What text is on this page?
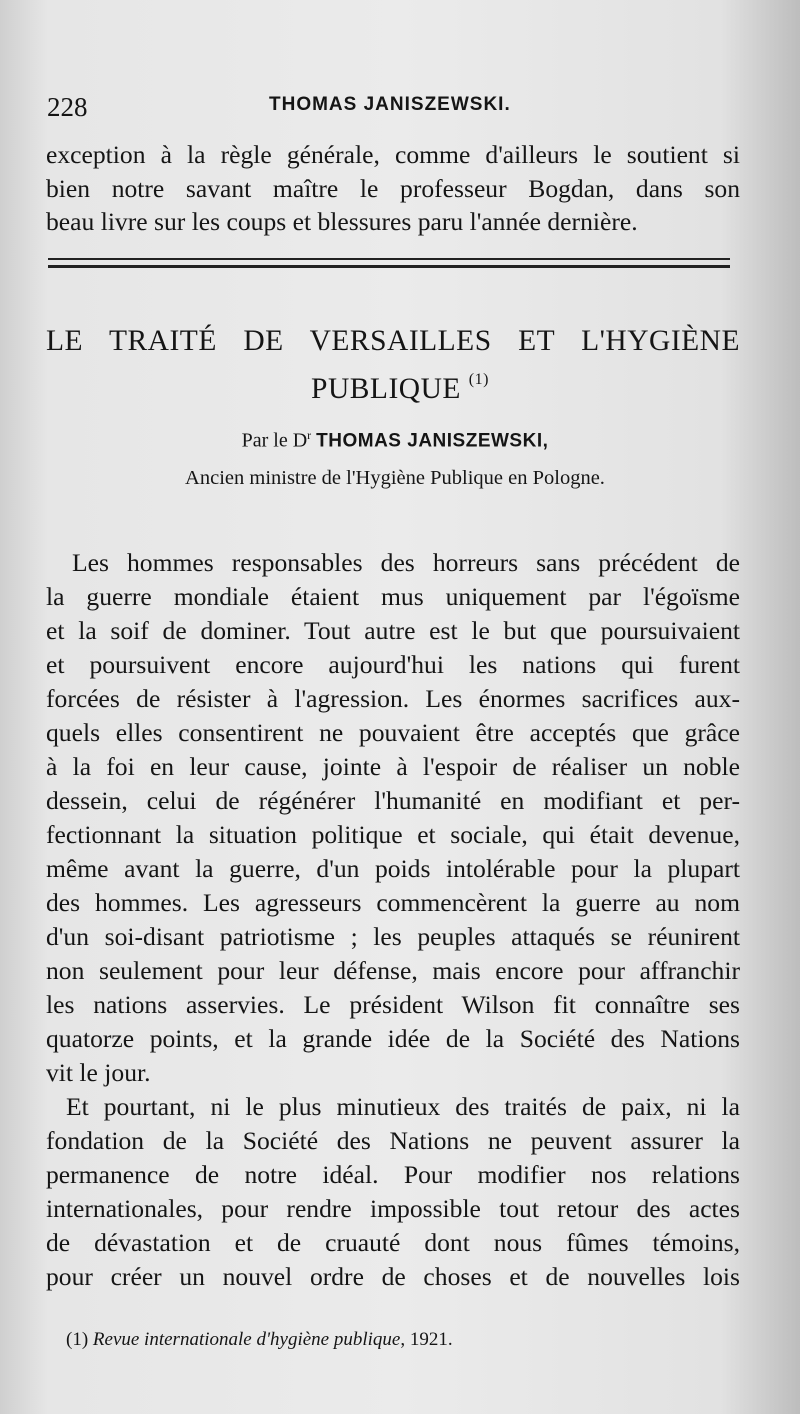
228	THOMAS JANISZEWSKI.
exception à la règle générale, comme d'ailleurs le soutient si
bien notre savant maître le professeur Bogdan, dans son
beau livre sur les coups et blessures paru l'année dernière.
LE TRAITÉ DE VERSAILLES ET L'HYGIÈNE
PUBLIQUE $^{(1)}$
Par le $D^r$ THOMAS JANISZEWSKI,
Ancien ministre de l'Hygiène Publique en Pologne.
Les hommes responsables des horreurs sans précédent de
la guerre mondiale étaient mus uniquement par l'égoïsme
et la soif de dominer. Tout autre est le but que poursuivaient
et poursuivent encore aujourd'hui les nations qui furent
forcées de résister à l'agression. Les énormes sacrifices aux-
quels elles consentirent ne pouvaient être acceptés que grâce
à la foi en leur cause, jointe à l'espoir de réaliser un noble
dessein, celui de régénérer l'humanité en modifiant et per-
fectionnant la situation politique et sociale, qui était devenue,
même avant la guerre, d'un poids intolérable pour la plupart
des hommes. Les agresseurs commencèrent la guerre au nom
d'un soi-disant patriotisme ; les peuples attaqués se réunirent
non seulement pour leur défense, mais encore pour affranchir
les nations asservies. Le président Wilson fit connaître ses
quatorze points, et la grande idée de la Société des Nations
vit le jour.
Et pourtant, ni le plus minutieux des traités de paix, ni la
fondation de la Société des Nations ne peuvent assurer la
permanence de notre idéal. Pour modifier nos relations
internationales, pour rendre impossible tout retour des actes
de dévastation et de cruauté dont nous fûmes témoins,
pour créer un nouvel ordre de choses et de nouvelles lois
(1) Revue internationale d'hygiène publique, 1921.
